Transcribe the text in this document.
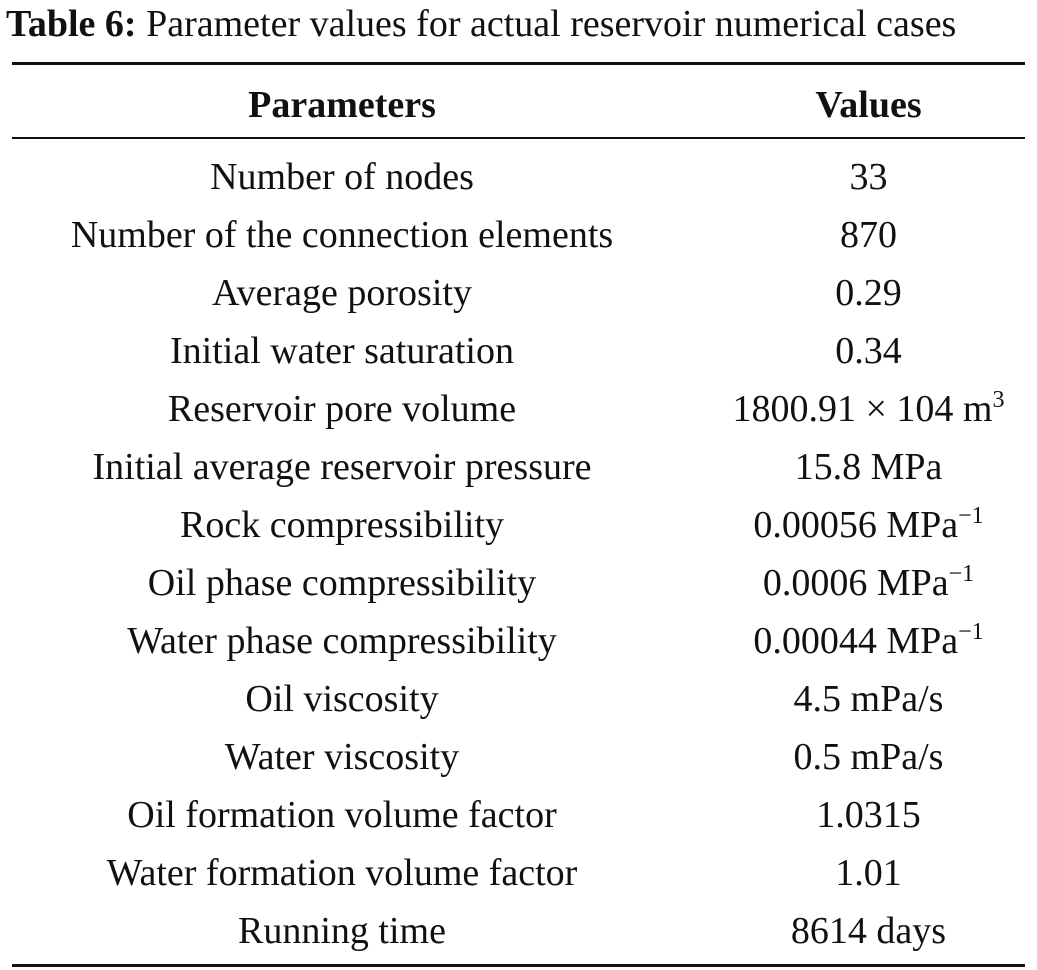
Table 6: Parameter values for actual reservoir numerical cases
Parameters	Values
Number of nodes	33
Number of the connection elements	870
Average porosity	0.29
Initial water saturation	0.34
Reservoir pore volume	1800.91 × 104 $m^3$
Initial average reservoir pressure	15.8 MPa
Rock compressibility	0.00056 MPa$^{-1}$
Oil phase compressibility	0.0006 MPa$^{-1}$
Water phase compressibility	0.00044 MPa$^{-1}$
Oil viscosity	4.5 mPa/s
Water viscosity	0.5 mPa/s
Oil formation volume factor	1.0315
Water formation volume factor	1.01
Running time	8614 days
